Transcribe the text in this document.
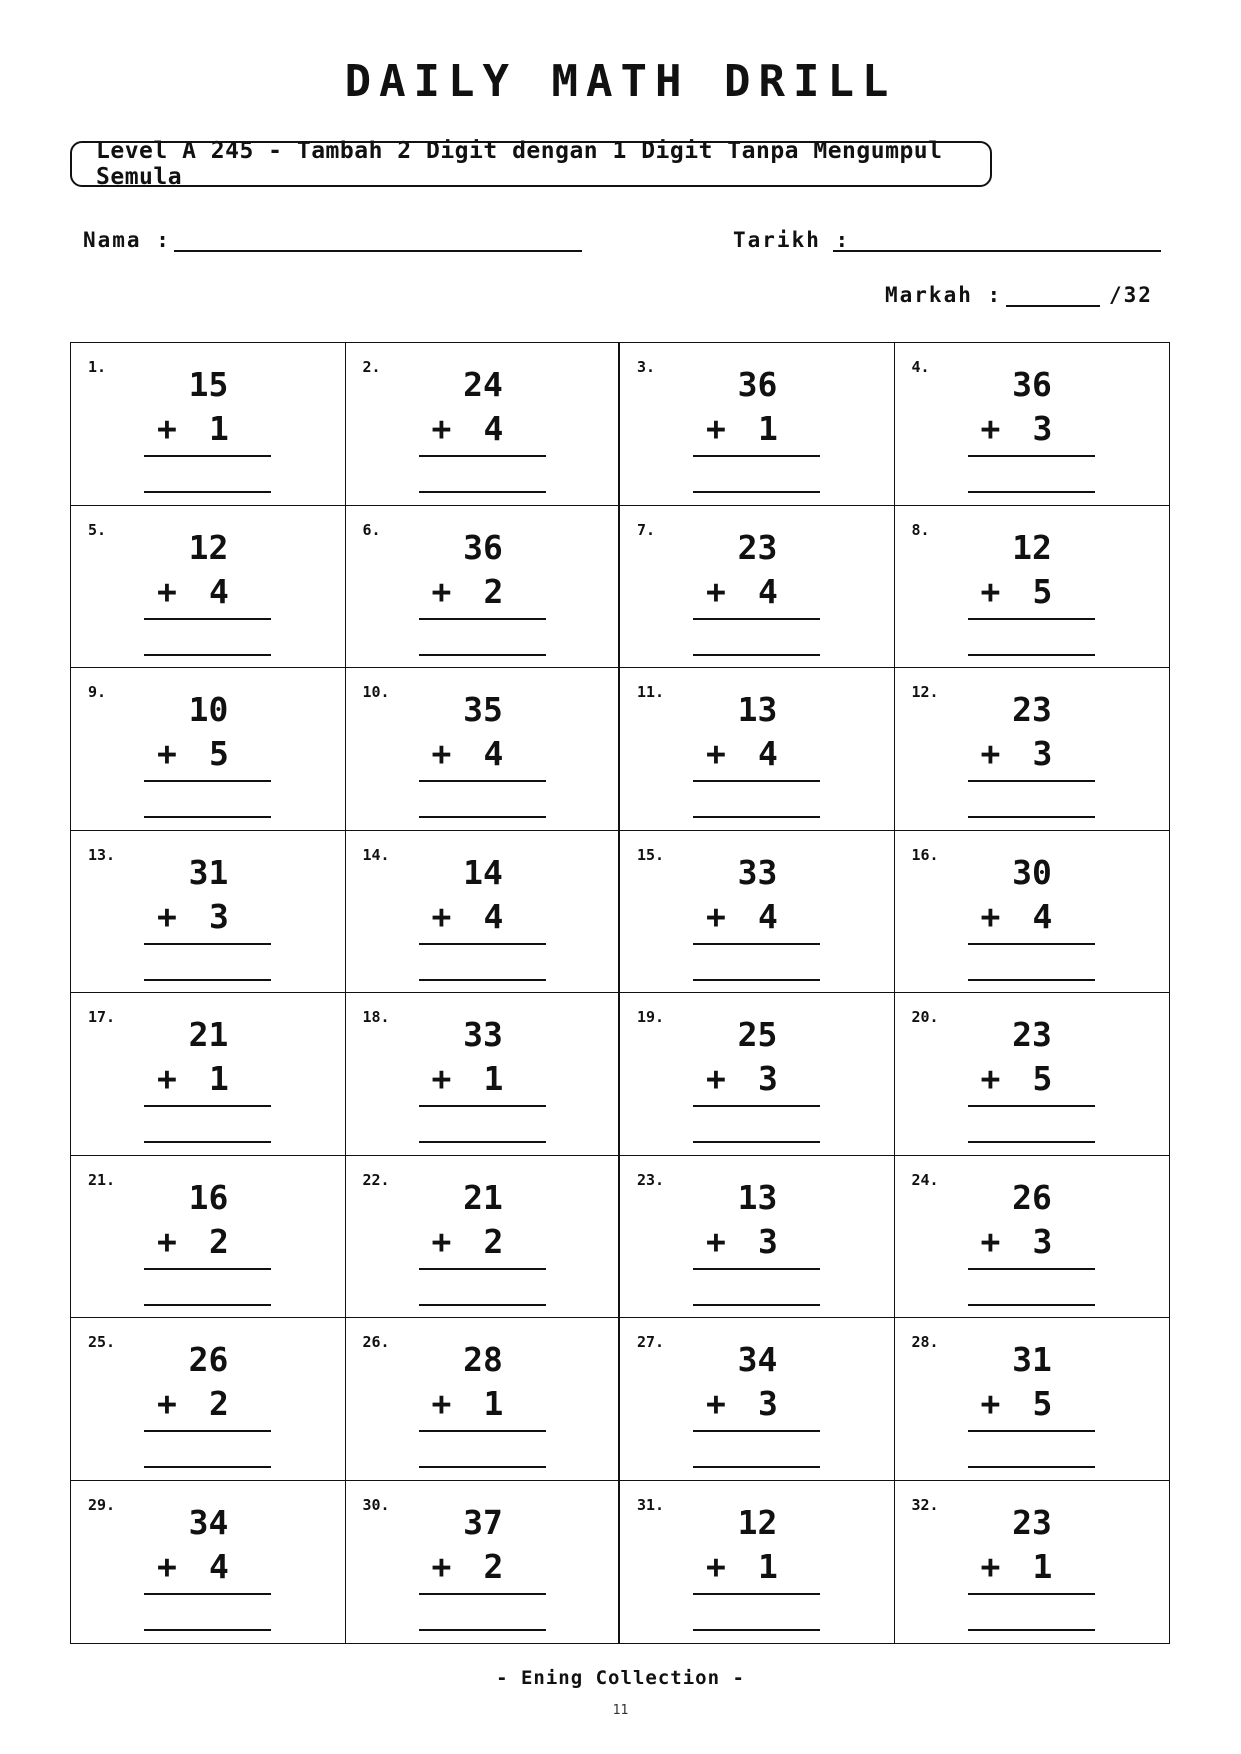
DAILY MATH DRILL
Level A 245 - Tambah 2 Digit dengan 1 Digit Tanpa Mengumpul Semula
Nama :	Tarikh :
Markah :	/32
1.	15
+ 1
2.	24
+ 4
3.	36
+ 1
4.	36
+ 3
5.	12
+ 4
6.	36
+ 2
7.	23
+ 4
8.	12
+ 5
9.	10
+ 5
10.	35
+ 4
11.	13
+ 4
12.	23
+ 3
13.	31
+ 3
14.	14
+ 4
15.	33
+ 4
16.	30
+ 4
17.	21
+ 1
18.	33
+ 1
19.	25
+ 3
20.	23
+ 5
21.	16
+ 2
22.	21
+ 2
23.	13
+ 3
24.	26
+ 3
25.	26
+ 2
26.	28
+ 1
27.	34
+ 3
28.	31
+ 5
29.	34
+ 4
30.	37
+ 2
31.	12
+ 1
32.	23
+ 1
- Ening Collection -
11
